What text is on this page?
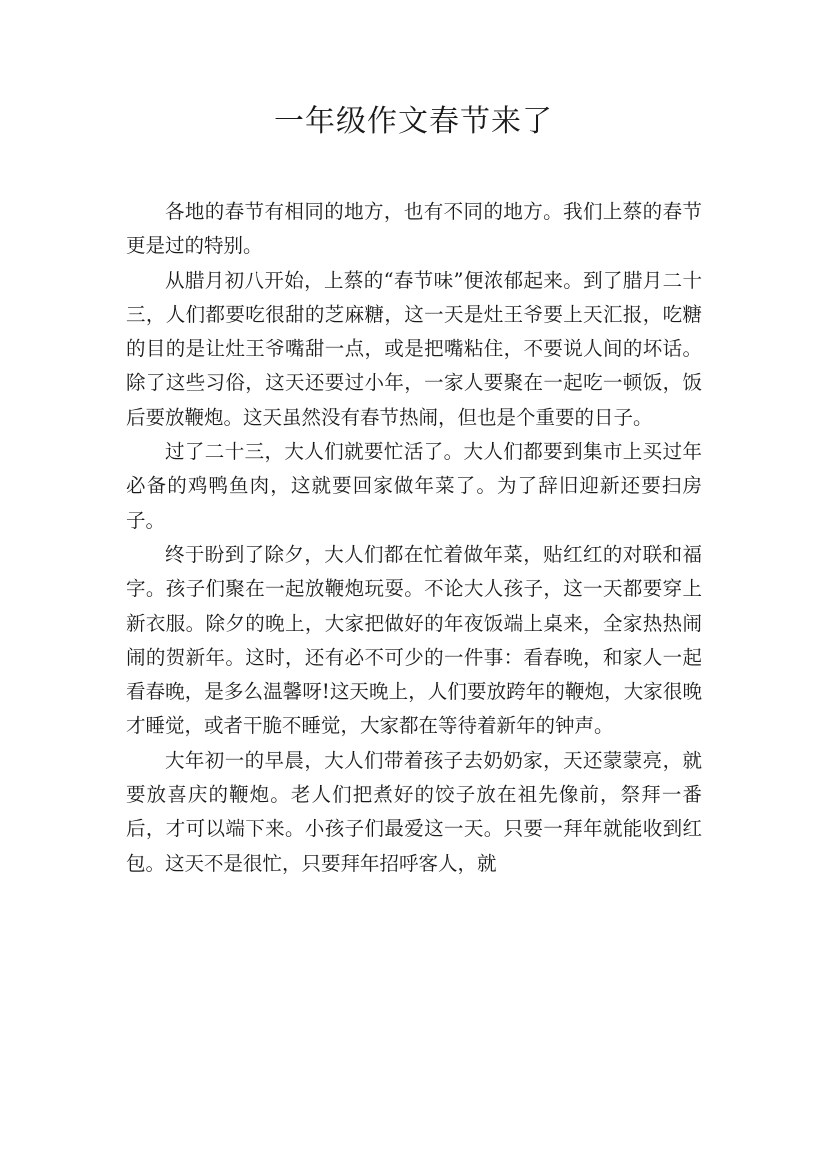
一年级作文春节来了

各地的春节有相同的地方，也有不同的地方。我们上蔡的春节更是过的特别。

从腊月初八开始，上蔡的“春节味”便浓郁起来。到了腊月二十三，人们都要吃很甜的芝麻糖，这一天是灶王爷要上天汇报，吃糖的目的是让灶王爷嘴甜一点，或是把嘴粘住，不要说人间的坏话。除了这些习俗，这天还要过小年，一家人要聚在一起吃一顿饭，饭后要放鞭炮。这天虽然没有春节热闹，但也是个重要的日子。

过了二十三，大人们就要忙活了。大人们都要到集市上买过年必备的鸡鸭鱼肉，这就要回家做年菜了。为了辞旧迎新还要扫房子。

终于盼到了除夕，大人们都在忙着做年菜，贴红红的对联和福字。孩子们聚在一起放鞭炮玩耍。不论大人孩子，这一天都要穿上新衣服。除夕的晚上，大家把做好的年夜饭端上桌来，全家热热闹闹的贺新年。这时，还有必不可少的一件事：看春晚，和家人一起看春晚，是多么温馨呀!这天晚上，人们要放跨年的鞭炮，大家很晚才睡觉，或者干脆不睡觉，大家都在等待着新年的钟声。

大年初一的早晨，大人们带着孩子去奶奶家，天还蒙蒙亮，就要放喜庆的鞭炮。老人们把煮好的饺子放在祖先像前，祭拜一番后，才可以端下来。小孩子们最爱这一天。只要一拜年就能收到红包。这天不是很忙，只要拜年招呼客人，就
